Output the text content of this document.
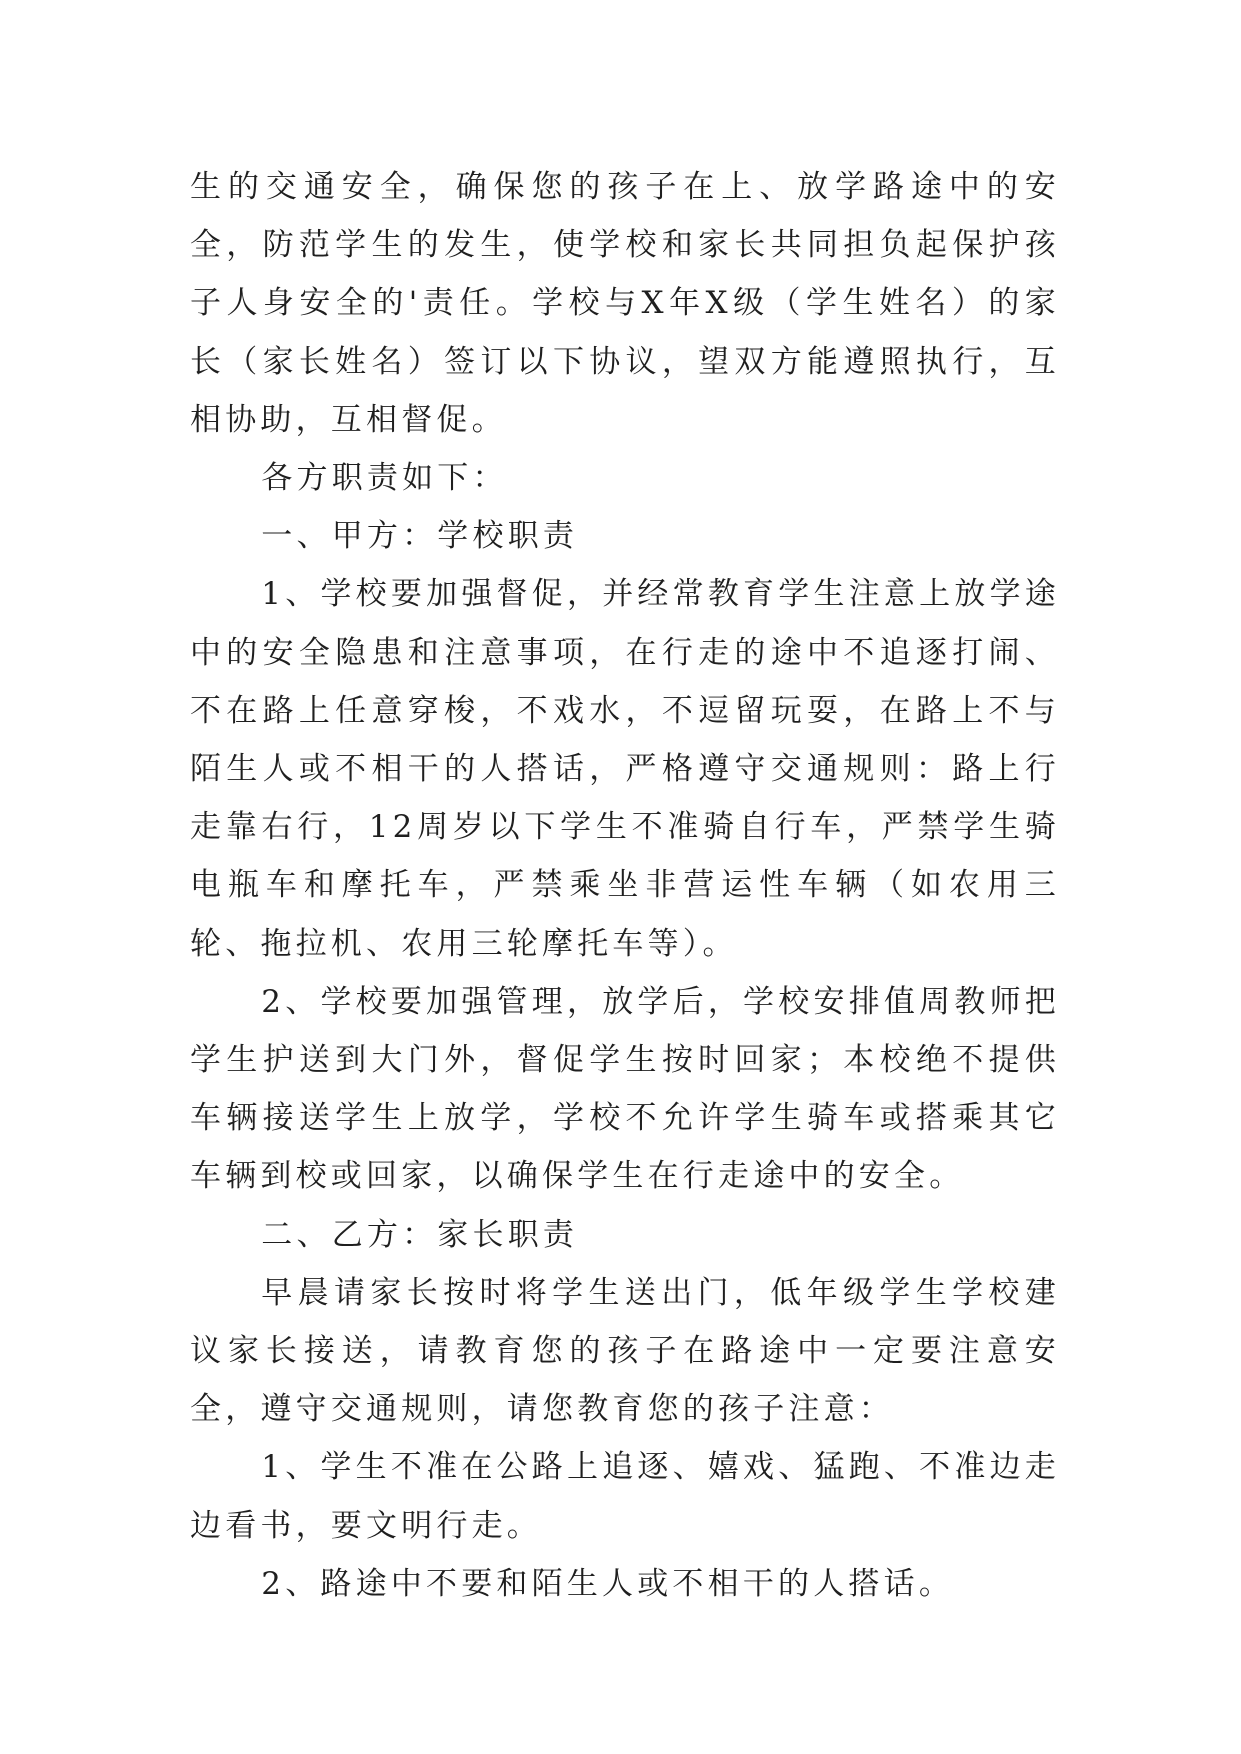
生的交通安全，确保您的孩子在上、放学路途中的安全，防范学生的发生，使学校和家长共同担负起保护孩子人身安全的'责任。学校与X年X级（学生姓名）的家长（家长姓名）签订以下协议，望双方能遵照执行，互相协助，互相督促。

各方职责如下：

一、甲方：学校职责

1、学校要加强督促，并经常教育学生注意上放学途中的安全隐患和注意事项，在行走的途中不追逐打闹、不在路上任意穿梭，不戏水，不逗留玩耍，在路上不与陌生人或不相干的人搭话，严格遵守交通规则：路上行走靠右行，12周岁以下学生不准骑自行车，严禁学生骑电瓶车和摩托车，严禁乘坐非营运性车辆（如农用三轮、拖拉机、农用三轮摩托车等）。

2、学校要加强管理，放学后，学校安排值周教师把学生护送到大门外，督促学生按时回家；本校绝不提供车辆接送学生上放学，学校不允许学生骑车或搭乘其它车辆到校或回家，以确保学生在行走途中的安全。

二、乙方：家长职责

早晨请家长按时将学生送出门，低年级学生学校建议家长接送，请教育您的孩子在路途中一定要注意安全，遵守交通规则，请您教育您的孩子注意：

1、学生不准在公路上追逐、嬉戏、猛跑、不准边走边看书，要文明行走。

2、路途中不要和陌生人或不相干的人搭话。
